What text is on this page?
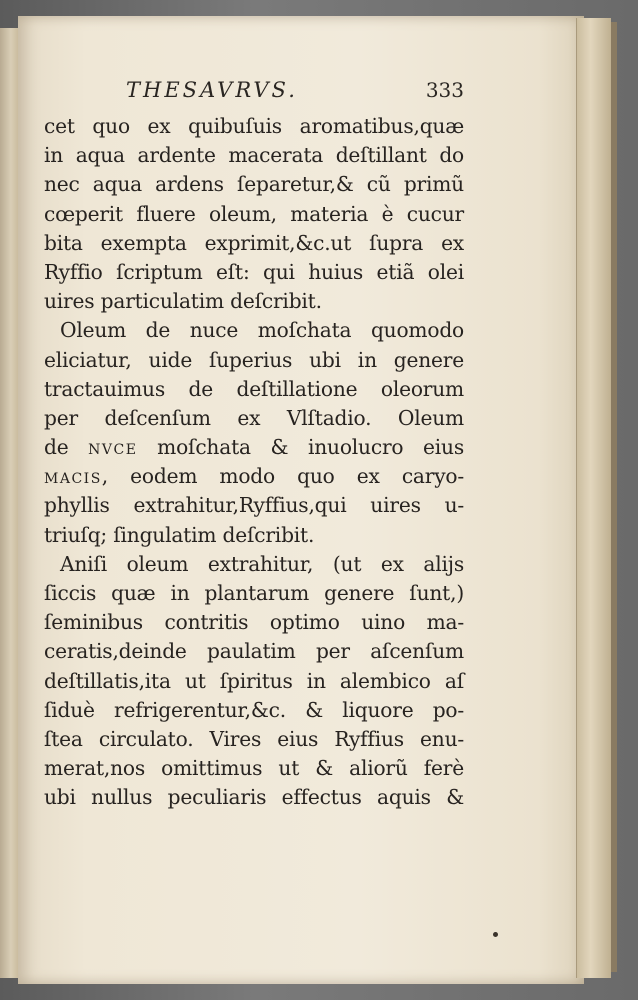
THESAVRVS.	333
cet quo ex quibuſuis aromatibus,quæ
in aqua ardente macerata deſtillant do
nec aqua ardens ſeparetur,& cũ primũ
cœperit fluere oleum, materia è cucur
bita exempta exprimit,&c.ut ſupra ex
Ryffio ſcriptum eſt: qui huius etiã olei
uires particulatim deſcribit.
Oleum de nuce moſchata quomodo
eliciatur, uide ſuperius ubi in genere
tractauimus de deſtillatione oleorum
per deſcenſum ex Vlſtadio. Oleum
de NVCE moſchata & inuolucro eius
MACIS, eodem modo quo ex caryo-
phyllis extrahitur,Ryffius,qui uires u-
triuſq; ſingulatim deſcribit.
Aniſi oleum extrahitur, (ut ex alijs
ſiccis quæ in plantarum genere ſunt,)
ſeminibus contritis optimo uino ma-
ceratis,deinde paulatim per aſcenſum
deſtillatis,ita ut ſpiritus in alembico aſ
ſiduè refrigerentur,&c. & liquore po-
ſtea circulato. Vires eius Ryffius enu-
merat,nos omittimus ut & aliorũ ferè
ubi nullus peculiaris effectus aquis &
